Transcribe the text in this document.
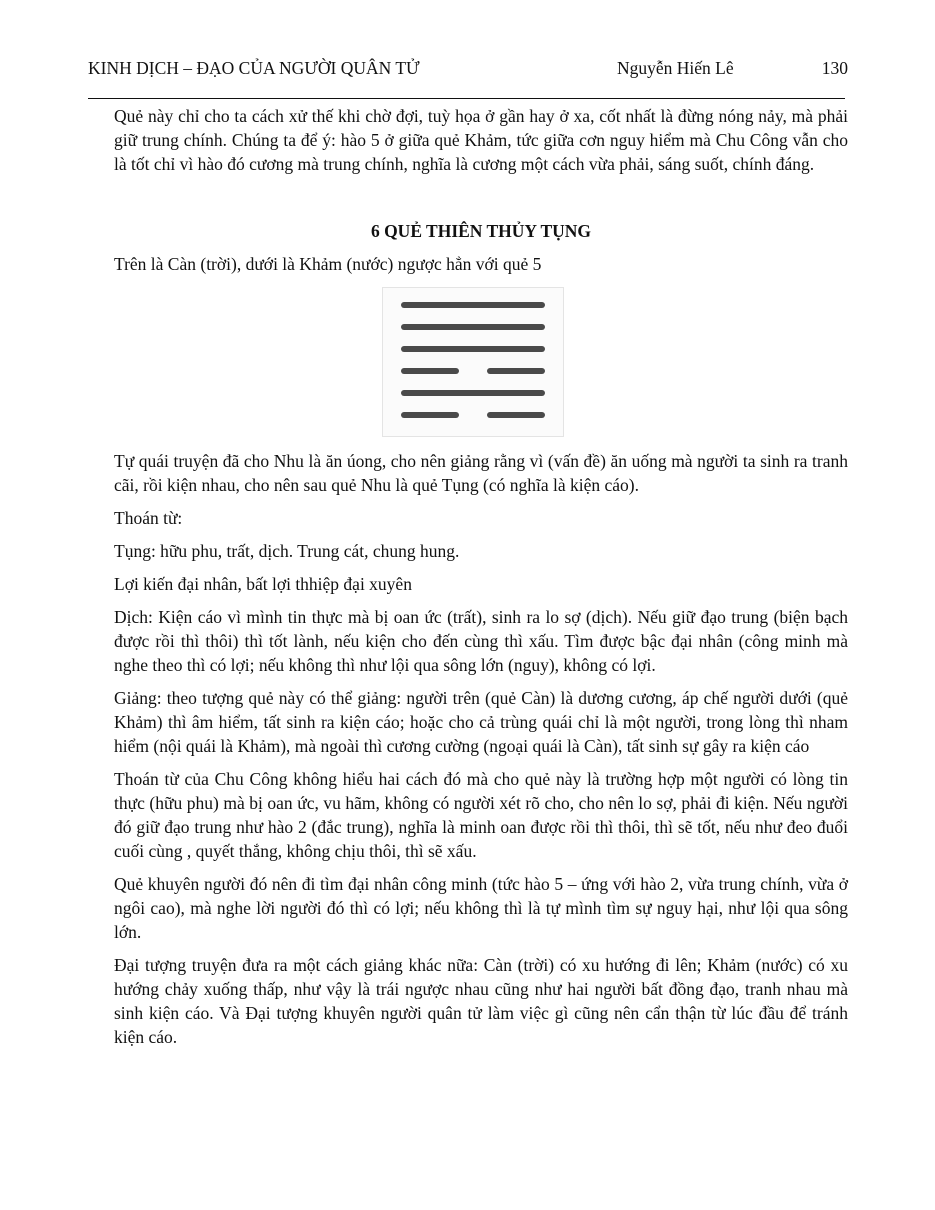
KINH DỊCH – ĐẠO CỦA NGƯỜI QUÂN TỬ	Nguyễn Hiến Lê	130

Quẻ này chỉ cho ta cách xử thế khi chờ đợi, tuỳ họa ở gần hay ở xa, cốt nhất là đừng nóng nảy, mà phải giữ trung chính. Chúng ta để ý: hào 5 ở giữa quẻ Khảm, tức giữa cơn nguy hiểm mà Chu Công vẫn cho là tốt chỉ vì hào đó cương mà trung chính, nghĩa là cương một cách vừa phải, sáng suốt, chính đáng.

6 QUẺ THIÊN THỦY TỤNG

Trên là Càn (trời), dưới là Khảm (nước) ngược hẳn với quẻ 5

Tự quái truyện đã cho Nhu là ăn úong, cho nên giảng rằng vì (vấn đề) ăn uống mà người ta sinh ra tranh cãi, rồi kiện nhau, cho nên sau quẻ Nhu là quẻ Tụng (có nghĩa là kiện cáo).

Thoán từ:

Tụng: hữu phu, trất, dịch. Trung cát, chung hung.

Lợi kiến đại nhân, bất lợi thhiệp đại xuyên

Dịch: Kiện cáo vì mình tin thực mà bị oan ức (trất), sinh ra lo sợ (dịch). Nếu giữ đạo trung (biện bạch được rồi thì thôi) thì tốt lành, nếu kiện cho đến cùng thì xấu. Tìm được bậc đại nhân (công minh mà nghe theo thì có lợi; nếu không thì như lội qua sông lớn (nguy), không có lợi.

Giảng: theo tượng quẻ này có thể giảng: người trên (quẻ Càn) là dương cương, áp chế người dưới (quẻ Khảm) thì âm hiểm, tất sinh ra kiện cáo; hoặc cho cả trùng quái chỉ là một người, trong lòng thì nham hiểm (nội quái là Khảm), mà ngoài thì cương cường (ngoại quái là Càn), tất sinh sự gây ra kiện cáo

Thoán từ của Chu Công không hiểu hai cách đó mà cho quẻ này là trường hợp một người có lòng tin thực (hữu phu) mà bị oan ức, vu hãm, không có người xét rõ cho, cho nên lo sợ, phải đi kiện. Nếu người đó giữ đạo trung như hào 2 (đắc trung), nghĩa là minh oan được rồi thì thôi, thì sẽ tốt, nếu như đeo đuổi cuối cùng , quyết thắng, không chịu thôi, thì sẽ xấu.

Quẻ khuyên người đó nên đi tìm đại nhân công minh (tức hào 5 – ứng với hào 2, vừa trung chính, vừa ở ngôi cao), mà nghe lời người đó thì có lợi; nếu không thì là tự mình tìm sự nguy hại, như lội qua sông lớn.

Đại tượng truyện đưa ra một cách giảng khác nữa: Càn (trời) có xu hướng đi lên; Khảm (nước) có xu hướng chảy xuống thấp, như vậy là trái ngược nhau cũng như hai người bất đồng đạo, tranh nhau mà sinh kiện cáo. Và Đại tượng khuyên người quân tử làm việc gì cũng nên cẩn thận từ lúc đầu để tránh kiện cáo.
